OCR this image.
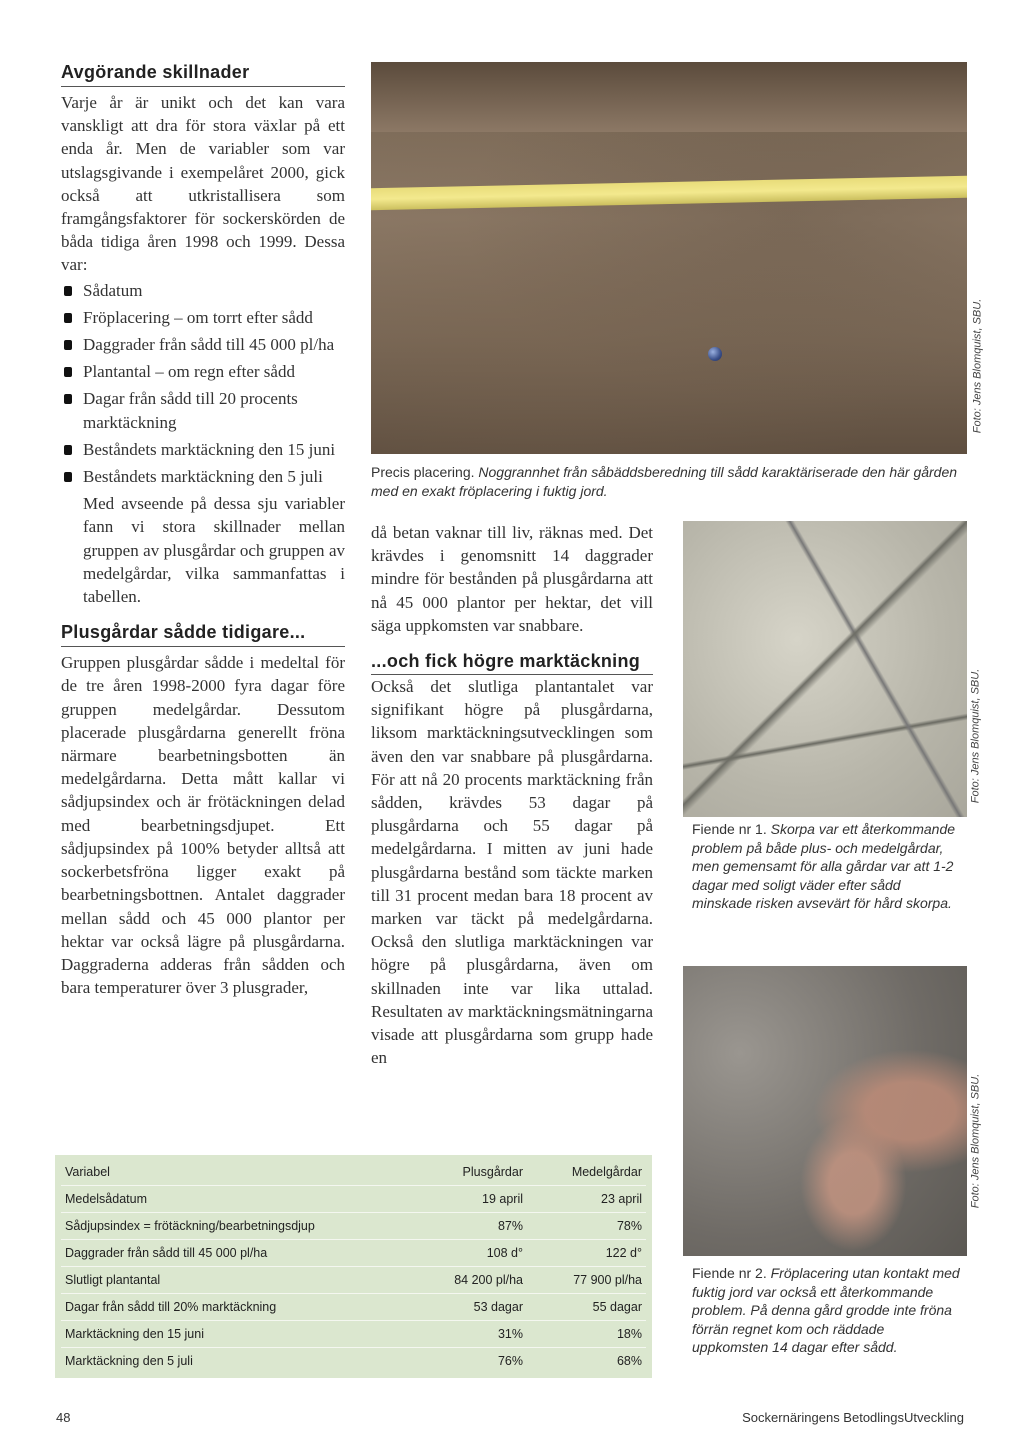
Avgörande skillnader

Varje år är unikt och det kan vara vanskligt att dra för stora växlar på ett enda år. Men de variabler som var utslagsgivande i exempelåret 2000, gick också att utkristallisera som framgångsfaktorer för sockerskörden de båda tidiga åren 1998 och 1999. Dessa var:

Sådatum
Fröplacering – om torrt efter sådd
Daggrader från sådd till 45 000 pl/ha
Plantantal – om regn efter sådd
Dagar från sådd till 20 procents marktäckning
Beståndets marktäckning den 15 juni
Beståndets marktäckning den 5 juli

Med avseende på dessa sju variabler fann vi stora skillnader mellan gruppen av plusgårdar och gruppen av medelgårdar, vilka sammanfattas i tabellen.

Plusgårdar sådde tidigare...

Gruppen plusgårdar sådde i medeltal för de tre åren 1998-2000 fyra dagar före gruppen medelgårdar. Dessutom placerade plusgårdarna generellt fröna närmare bearbetningsbotten än medelgårdarna. Detta mått kallar vi sådjupsindex och är frötäckningen delad med bearbetningsdjupet. Ett sådjupsindex på 100% betyder alltså att sockerbetsfröna ligger exakt på bearbetningsbottnen. Antalet daggrader mellan sådd och 45 000 plantor per hektar var också lägre på plusgårdarna. Daggraderna adderas från sådden och bara temperaturer över 3 plusgrader,

Foto: Jens Blomquist, SBU.
Precis placering. Noggrannhet från såbäddsberedning till sådd karaktäriserade den här gården med en exakt fröplacering i fuktig jord.

då betan vaknar till liv, räknas med. Det krävdes i genomsnitt 14 daggrader mindre för bestånden på plusgårdarna att nå 45 000 plantor per hektar, det vill säga uppkomsten var snabbare.

...och fick högre marktäckning

Också det slutliga plantantalet var signifikant högre på plusgårdarna, liksom marktäckningsutvecklingen som även den var snabbare på plusgårdarna. För att nå 20 procents marktäckning från sådden, krävdes 53 dagar på plusgårdarna och 55 dagar på medelgårdarna. I mitten av juni hade plusgårdarna bestånd som täckte marken till 31 procent medan bara 18 procent av marken var täckt på medelgårdarna. Också den slutliga marktäckningen var högre på plusgårdarna, även om skillnaden inte var lika uttalad. Resultaten av marktäckningsmätningarna visade att plusgårdarna som grupp hade en

Foto: Jens Blomquist, SBU.
Fiende nr 1. Skorpa var ett återkommande problem på både plus- och medelgårdar, men gemensamt för alla gårdar var att 1-2 dagar med soligt väder efter sådd minskade risken avsevärt för hård skorpa.
Foto: Jens Blomquist, SBU.
Fiende nr 2. Fröplacering utan kontakt med fuktig jord var också ett återkommande problem. På denna gård grodde inte fröna förrän regnet kom och räddade uppkomsten 14 dagar efter sådd.
Variabel	Plusgårdar	Medelgårdar
Medelsådatum	19 april	23 april
Sådjupsindex = frötäckning/bearbetningsdjup	87%	78%
Daggrader från sådd till 45 000 pl/ha	108 d°	122 d°
Slutligt plantantal	84 200 pl/ha	77 900 pl/ha
Dagar från sådd till 20% marktäckning	53 dagar	55 dagar
Marktäckning den 15 juni	31%	18%
Marktäckning den 5 juli	76%	68%
48	Sockernäringens BetodlingsUtveckling
